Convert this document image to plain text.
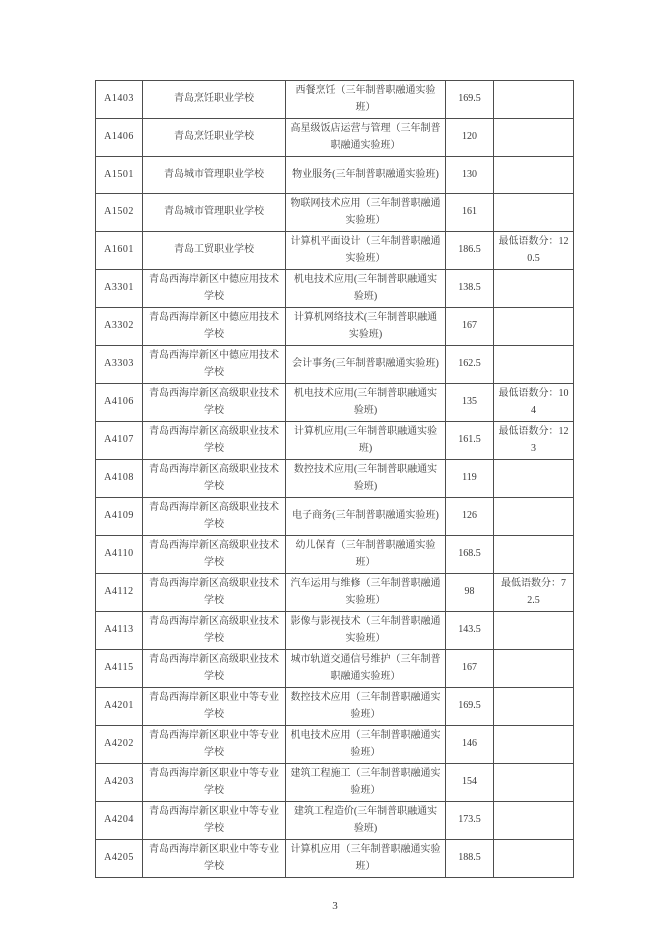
A1403	青岛烹饪职业学校	西餐烹饪（三年制普职融通实验班）	169.5	
A1406	青岛烹饪职业学校	高星级饭店运营与管理（三年制普职融通实验班）	120	
A1501	青岛城市管理职业学校	物业服务(三年制普职融通实验班)	130	
A1502	青岛城市管理职业学校	物联网技术应用（三年制普职融通实验班）	161	
A1601	青岛工贸职业学校	计算机平面设计（三年制普职融通实验班）	186.5	最低语数分：120.5
A3301	青岛西海岸新区中德应用技术学校	机电技术应用(三年制普职融通实验班)	138.5	
A3302	青岛西海岸新区中德应用技术学校	计算机网络技术(三年制普职融通实验班)	167	
A3303	青岛西海岸新区中德应用技术学校	会计事务(三年制普职融通实验班)	162.5	
A4106	青岛西海岸新区高级职业技术学校	机电技术应用(三年制普职融通实验班)	135	最低语数分：104
A4107	青岛西海岸新区高级职业技术学校	计算机应用(三年制普职融通实验班)	161.5	最低语数分：123
A4108	青岛西海岸新区高级职业技术学校	数控技术应用(三年制普职融通实验班)	119	
A4109	青岛西海岸新区高级职业技术学校	电子商务(三年制普职融通实验班)	126	
A4110	青岛西海岸新区高级职业技术学校	幼儿保育（三年制普职融通实验班）	168.5	
A4112	青岛西海岸新区高级职业技术学校	汽车运用与维修（三年制普职融通实验班）	98	最低语数分：72.5
A4113	青岛西海岸新区高级职业技术学校	影像与影视技术（三年制普职融通实验班）	143.5	
A4115	青岛西海岸新区高级职业技术学校	城市轨道交通信号维护（三年制普职融通实验班）	167	
A4201	青岛西海岸新区职业中等专业学校	数控技术应用（三年制普职融通实验班）	169.5	
A4202	青岛西海岸新区职业中等专业学校	机电技术应用（三年制普职融通实验班）	146	
A4203	青岛西海岸新区职业中等专业学校	建筑工程施工（三年制普职融通实验班）	154	
A4204	青岛西海岸新区职业中等专业学校	建筑工程造价(三年制普职融通实验班)	173.5	
A4205	青岛西海岸新区职业中等专业学校	计算机应用（三年制普职融通实验班）	188.5	
3
